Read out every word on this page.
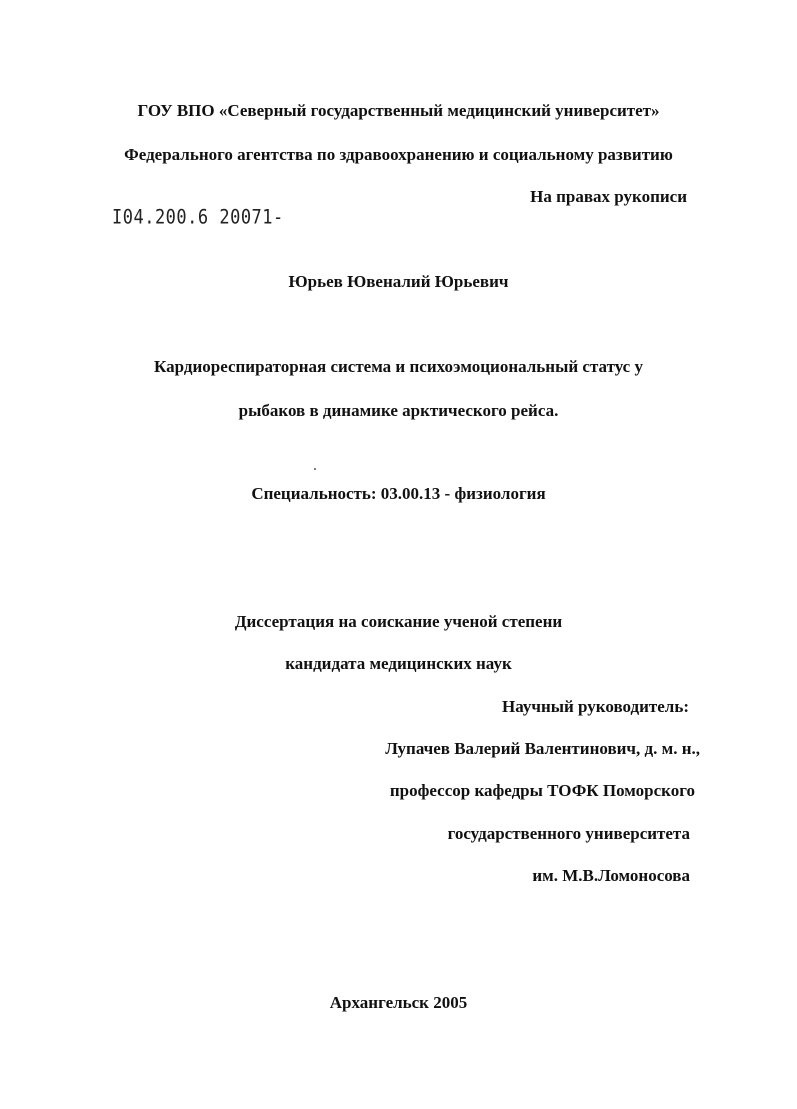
ГОУ ВПО «Северный государственный медицинский университет»
Федерального агентства по здравоохранению и социальному развитию
На правах рукописи
I04.200.6 20071-
Юрьев Ювеналий Юрьевич
Кардиореспираторная система и психоэмоциональный статус у
рыбаков в динамике арктического рейса.
Специальность: 03.00.13 - физиология
Диссертация на соискание ученой степени
кандидата медицинских наук
Научный руководитель:
Лупачев Валерий Валентинович, д. м. н.,
профессор кафедры ТОФК Поморского
государственного университета
им. М.В.Ломоносова
Архангельск 2005
